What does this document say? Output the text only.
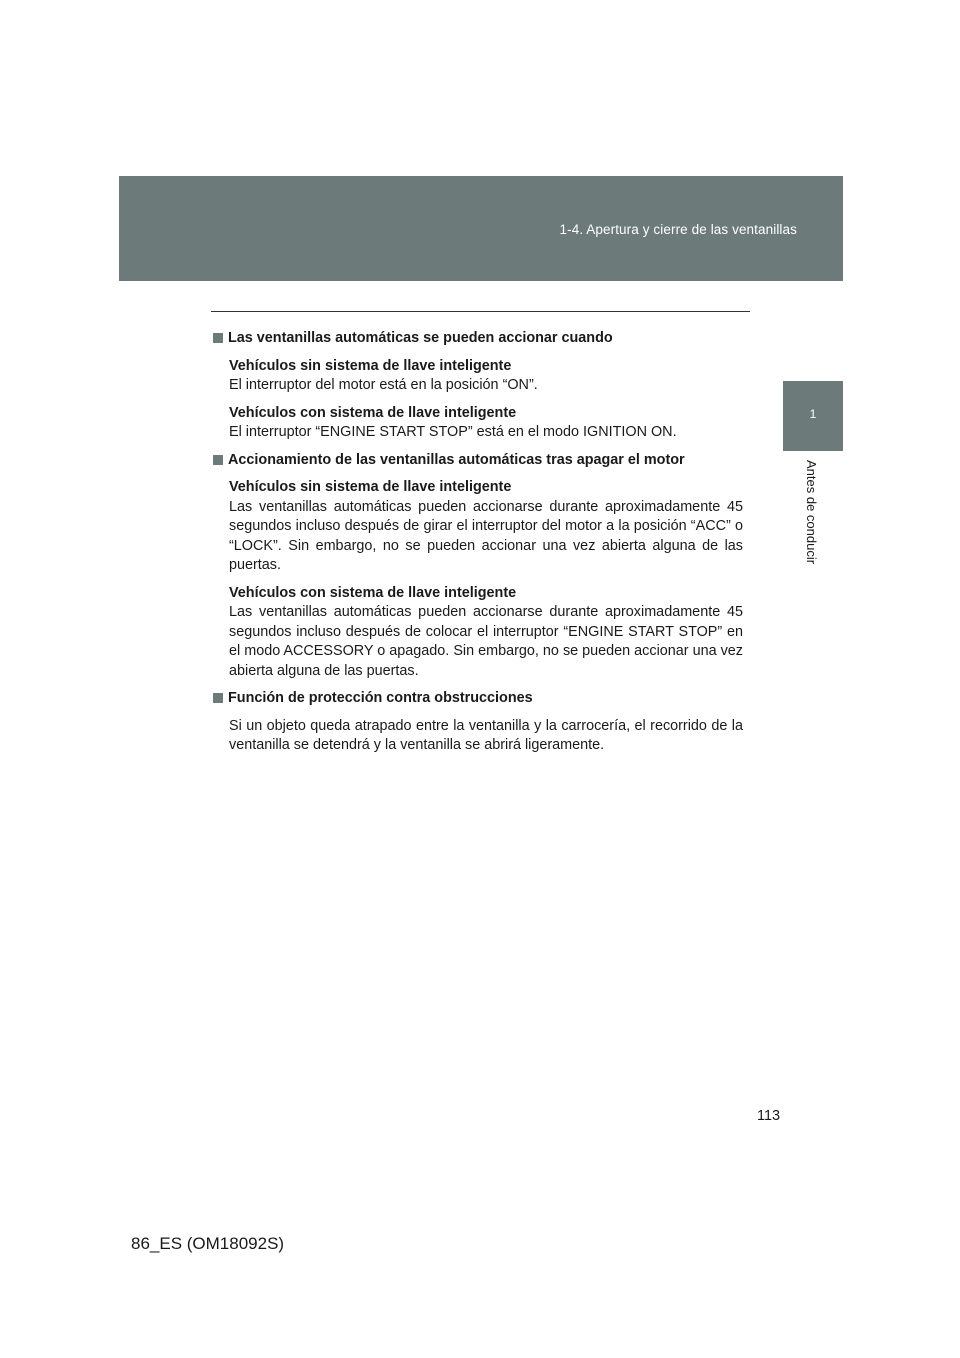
1-4. Apertura y cierre de las ventanillas
1
Antes de conducir
Las ventanillas automáticas se pueden accionar cuando
Vehículos sin sistema de llave inteligente
El interruptor del motor está en la posición “ON”.
Vehículos con sistema de llave inteligente
El interruptor “ENGINE START STOP” está en el modo IGNITION ON.
Accionamiento de las ventanillas automáticas tras apagar el motor
Vehículos sin sistema de llave inteligente
Las ventanillas automáticas pueden accionarse durante aproximadamente 45 segundos incluso después de girar el interruptor del motor a la posición “ACC” o “LOCK”. Sin embargo, no se pueden accionar una vez abierta alguna de las puertas.
Vehículos con sistema de llave inteligente
Las ventanillas automáticas pueden accionarse durante aproximadamente 45 segundos incluso después de colocar el interruptor “ENGINE START STOP” en el modo ACCESSORY o apagado. Sin embargo, no se pueden accionar una vez abierta alguna de las puertas.
Función de protección contra obstrucciones
Si un objeto queda atrapado entre la ventanilla y la carrocería, el recorrido de la ventanilla se detendrá y la ventanilla se abrirá ligeramente.
113
86_ES (OM18092S)
